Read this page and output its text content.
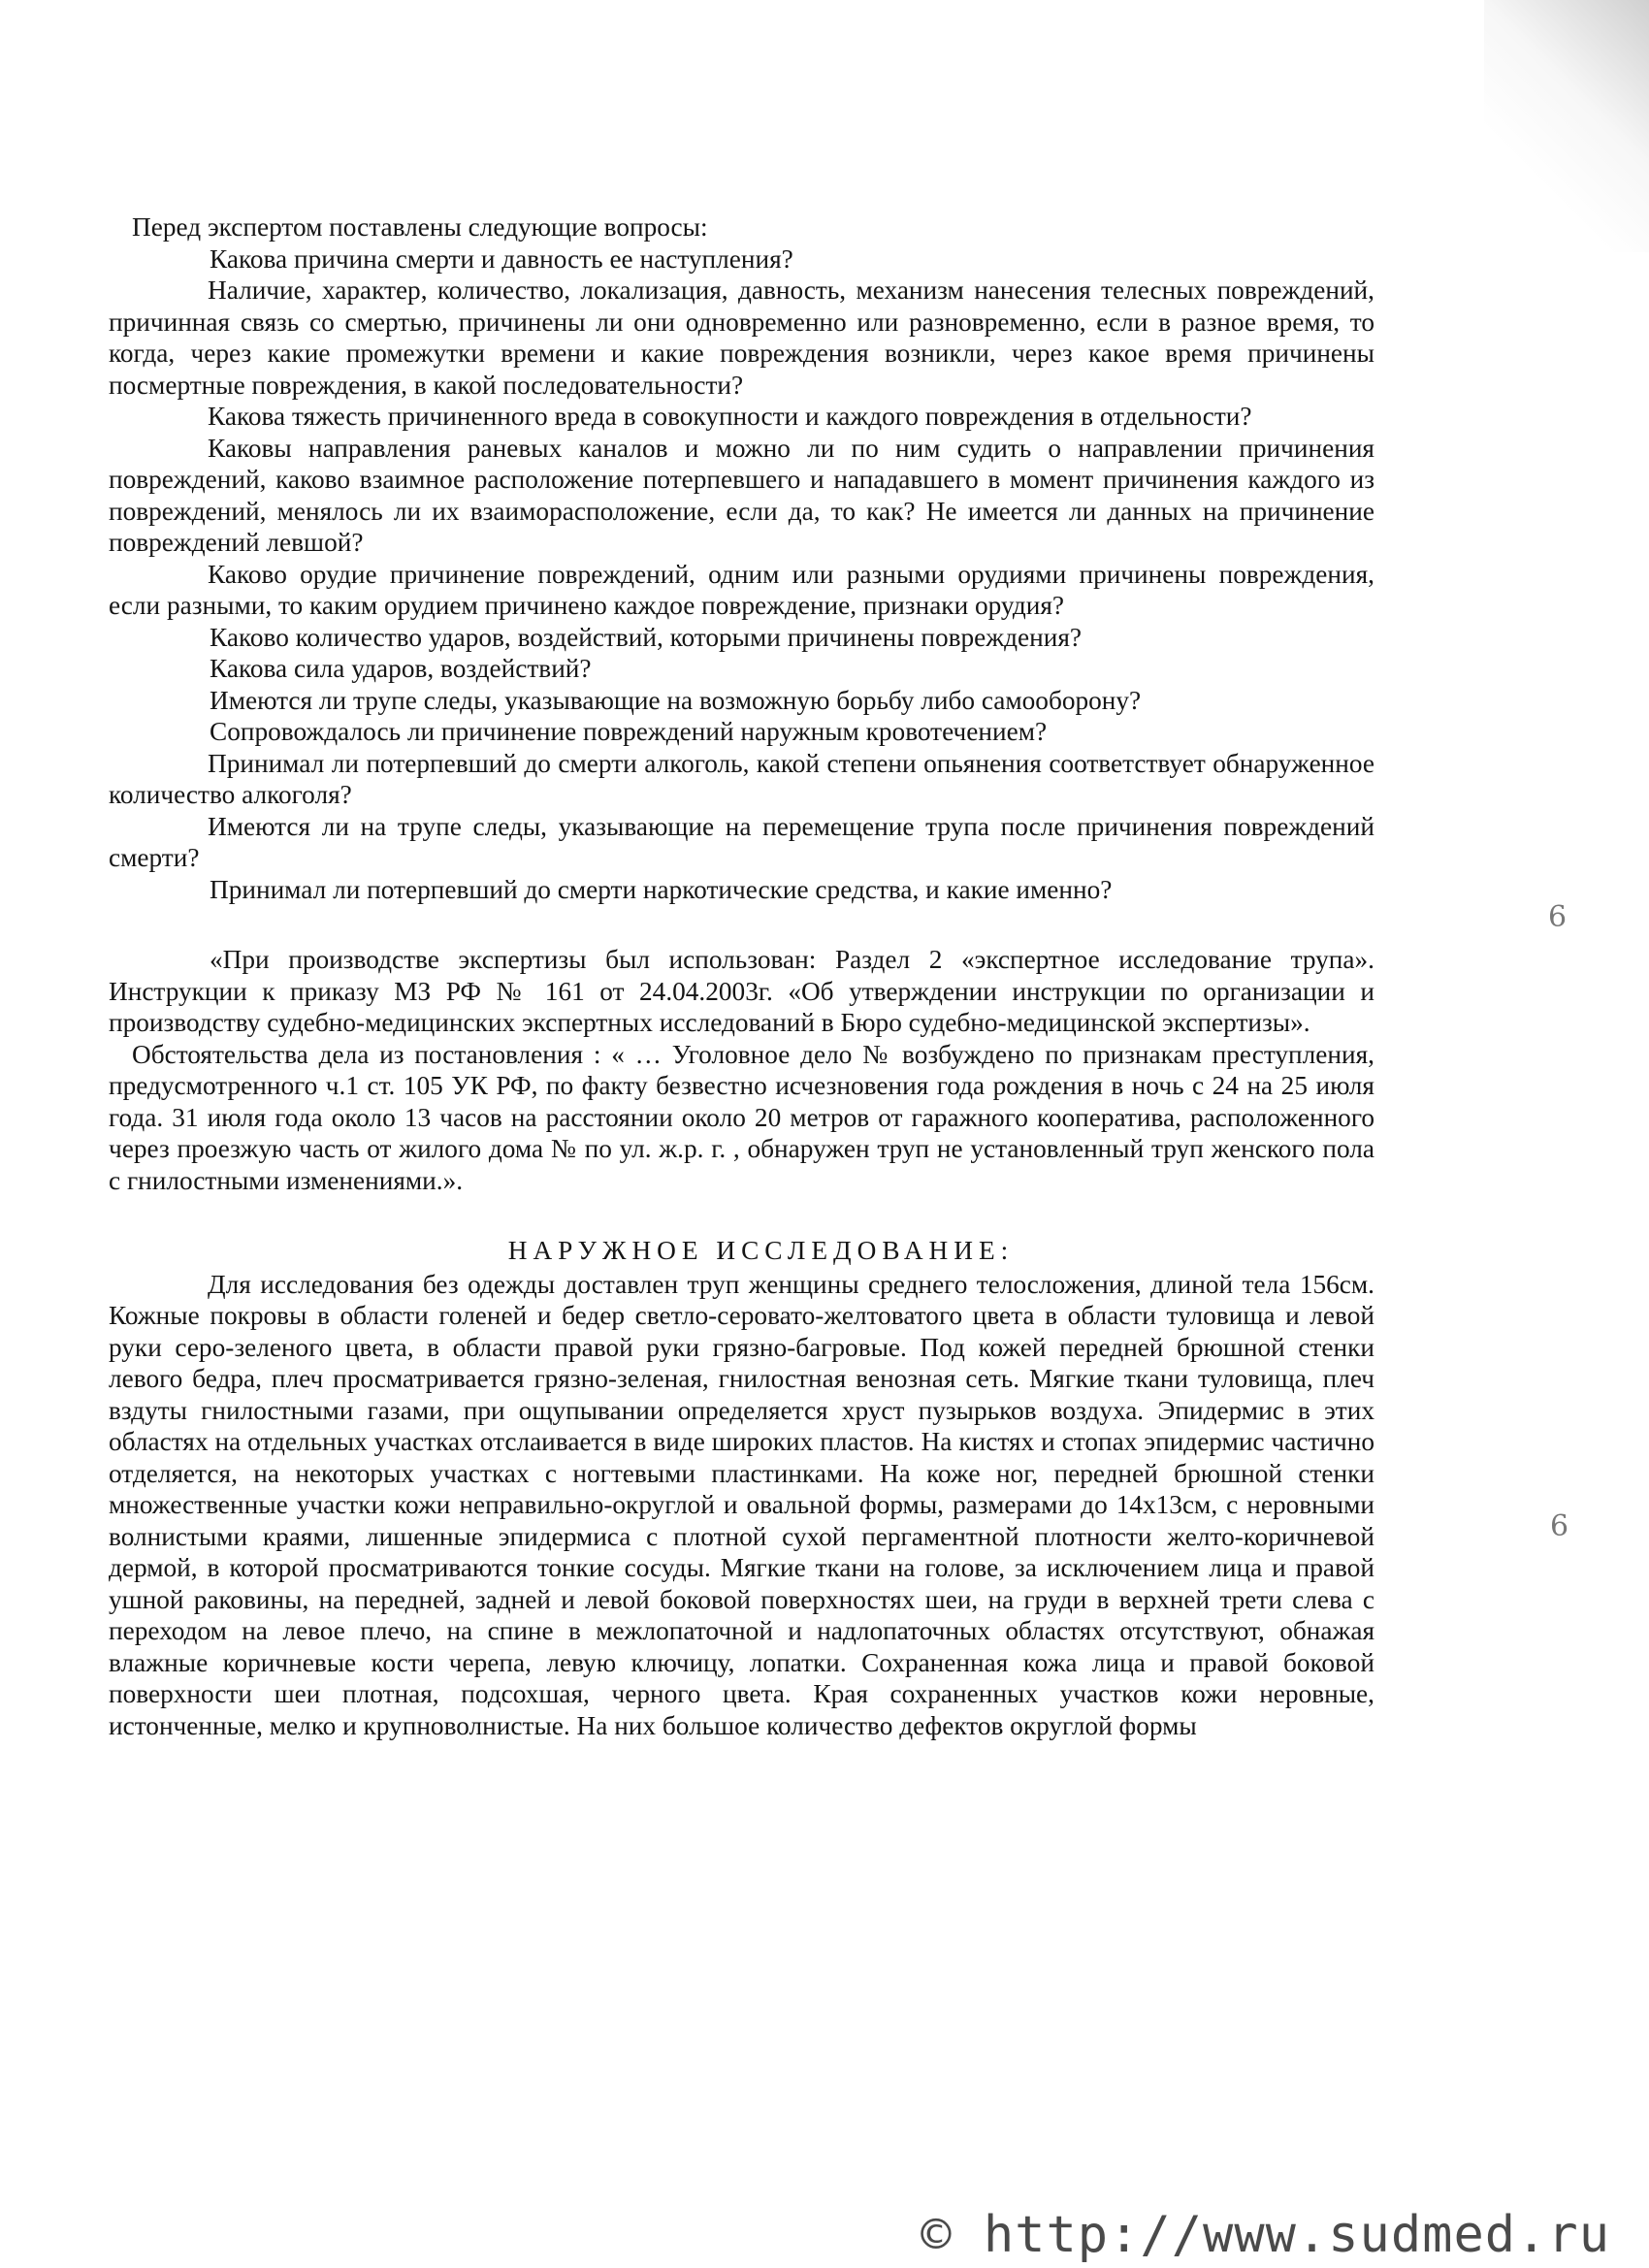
Перед экспертом поставлены следующие вопросы:

Какова причина смерти и давность ее наступления?

Наличие, характер, количество, локализация, давность, механизм нанесения телесных повреждений, причинная связь со смертью, причинены ли они одновременно или разновременно, если в разное время, то когда, через какие промежутки времени и какие повреждения возникли, через какое время причинены посмертные повреждения, в какой последовательности?

Какова тяжесть причиненного вреда в совокупности и каждого повреждения в отдельности?

Каковы направления раневых каналов и можно ли по ним судить о направлении причинения повреждений, каково взаимное расположение потерпевшего и нападавшего в момент причинения каждого из повреждений, менялось ли их взаиморасположение, если да, то как? Не имеется ли данных на причинение повреждений левшой?

Каково орудие причинение повреждений, одним или разными орудиями причинены повреждения, если разными, то каким орудием причинено каждое повреждение, признаки орудия?

Каково количество ударов, воздействий, которыми причинены повреждения?

Какова сила ударов, воздействий?

Имеются ли трупе следы, указывающие на возможную борьбу либо самооборону?

Сопровождалось ли причинение повреждений наружным кровотечением?

Принимал ли потерпевший до смерти алкоголь, какой степени опьянения соответствует обнаруженное количество алкоголя?

Имеются ли на трупе следы, указывающие на перемещение трупа после причинения повреждений смерти?

Принимал ли потерпевший до смерти наркотические средства, и какие именно?

«При производстве экспертизы был использован: Раздел 2 «экспертное исследование трупа». Инструкции к приказу МЗ РФ № 161 от 24.04.2003г. «Об утверждении инструкции по организации и производству судебно-медицинских экспертных исследований в Бюро судебно-медицинской экспертизы».

Обстоятельства дела из постановления : « … Уголовное дело № возбуждено по признакам преступления, предусмотренного ч.1 ст. 105 УК РФ, по факту безвестно исчезновения года рождения в ночь с 24 на 25 июля года. 31 июля года около 13 часов на расстоянии около 20 метров от гаражного кооператива, расположенного через проезжую часть от жилого дома № по ул. ж.р. г. , обнаружен труп не установленный труп женского пола с гнилостными изменениями.».

НАРУЖНОЕ ИССЛЕДОВАНИЕ:

Для исследования без одежды доставлен труп женщины среднего телосложения, длиной тела 156см. Кожные покровы в области голеней и бедер светло-серовато-желтоватого цвета в области туловища и левой руки серо-зеленого цвета, в области правой руки грязно-багровые. Под кожей передней брюшной стенки левого бедра, плеч просматривается грязно-зеленая, гнилостная венозная сеть. Мягкие ткани туловища, плеч вздуты гнилостными газами, при ощупывании определяется хруст пузырьков воздуха. Эпидермис в этих областях на отдельных участках отслаивается в виде широких пластов. На кистях и стопах эпидермис частично отделяется, на некоторых участках с ногтевыми пластинками. На коже ног, передней брюшной стенки множественные участки кожи неправильно-округлой и овальной формы, размерами до 14х13см, с неровными волнистыми краями, лишенные эпидермиса с плотной сухой пергаментной плотности желто-коричневой дермой, в которой просматриваются тонкие сосуды. Мягкие ткани на голове, за исключением лица и правой ушной раковины, на передней, задней и левой боковой поверхностях шеи, на груди в верхней трети слева с переходом на левое плечо, на спине в межлопаточной и надлопаточных областях отсутствуют, обнажая влажные коричневые кости черепа, левую ключицу, лопатки. Сохраненная кожа лица и правой боковой поверхности шеи плотная, подсохшая, черного цвета. Края сохраненных участков кожи неровные, истонченные, мелко и крупноволнистые. На них большое количество дефектов округлой формы

6
6
© http://www.sudmed.ru
